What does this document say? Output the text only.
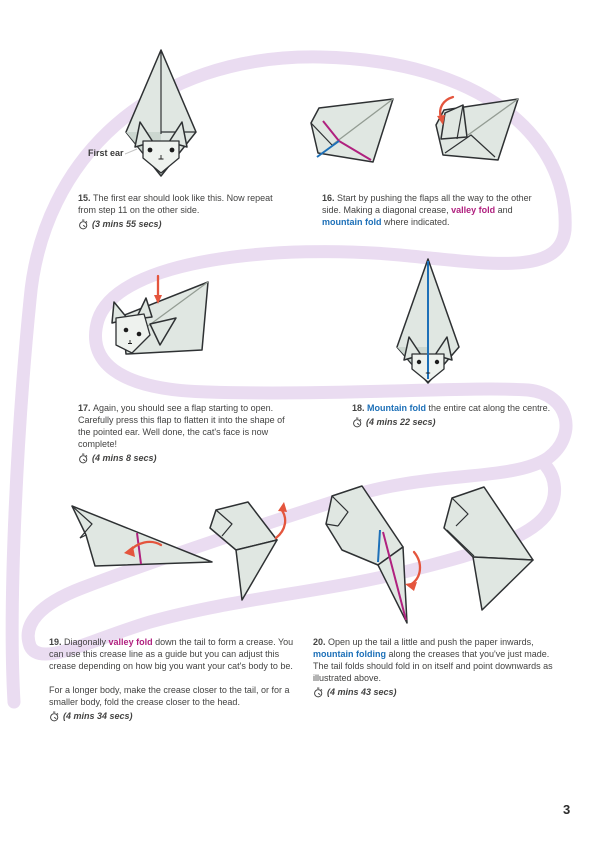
First ear

15. The first ear should look like this. Now repeat from step 11 on the other side.

(3 mins 55 secs)

16. Start by pushing the flaps all the way to the other side. Making a diagonal crease, valley fold and mountain fold where indicated.

17. Again, you should see a flap starting to open. Carefully press this flap to flatten it into the shape of the pointed ear. Well done, the cat's face is now complete!

(4 mins 8 secs)

18. Mountain fold the entire cat along the centre.

(4 mins 22 secs)

19. Diagonally valley fold down the tail to form a crease. You can use this crease line as a guide but you can adjust this crease depending on how big you want your cat's body to be.

For a longer body, make the crease closer to the tail, or for a smaller body, fold the crease closer to the head.

(4 mins 34 secs)

20. Open up the tail a little and push the paper inwards, mountain folding along the creases that you've just made. The tail folds should fold in on itself and point downwards as illustrated above.

(4 mins 43 secs)
3
